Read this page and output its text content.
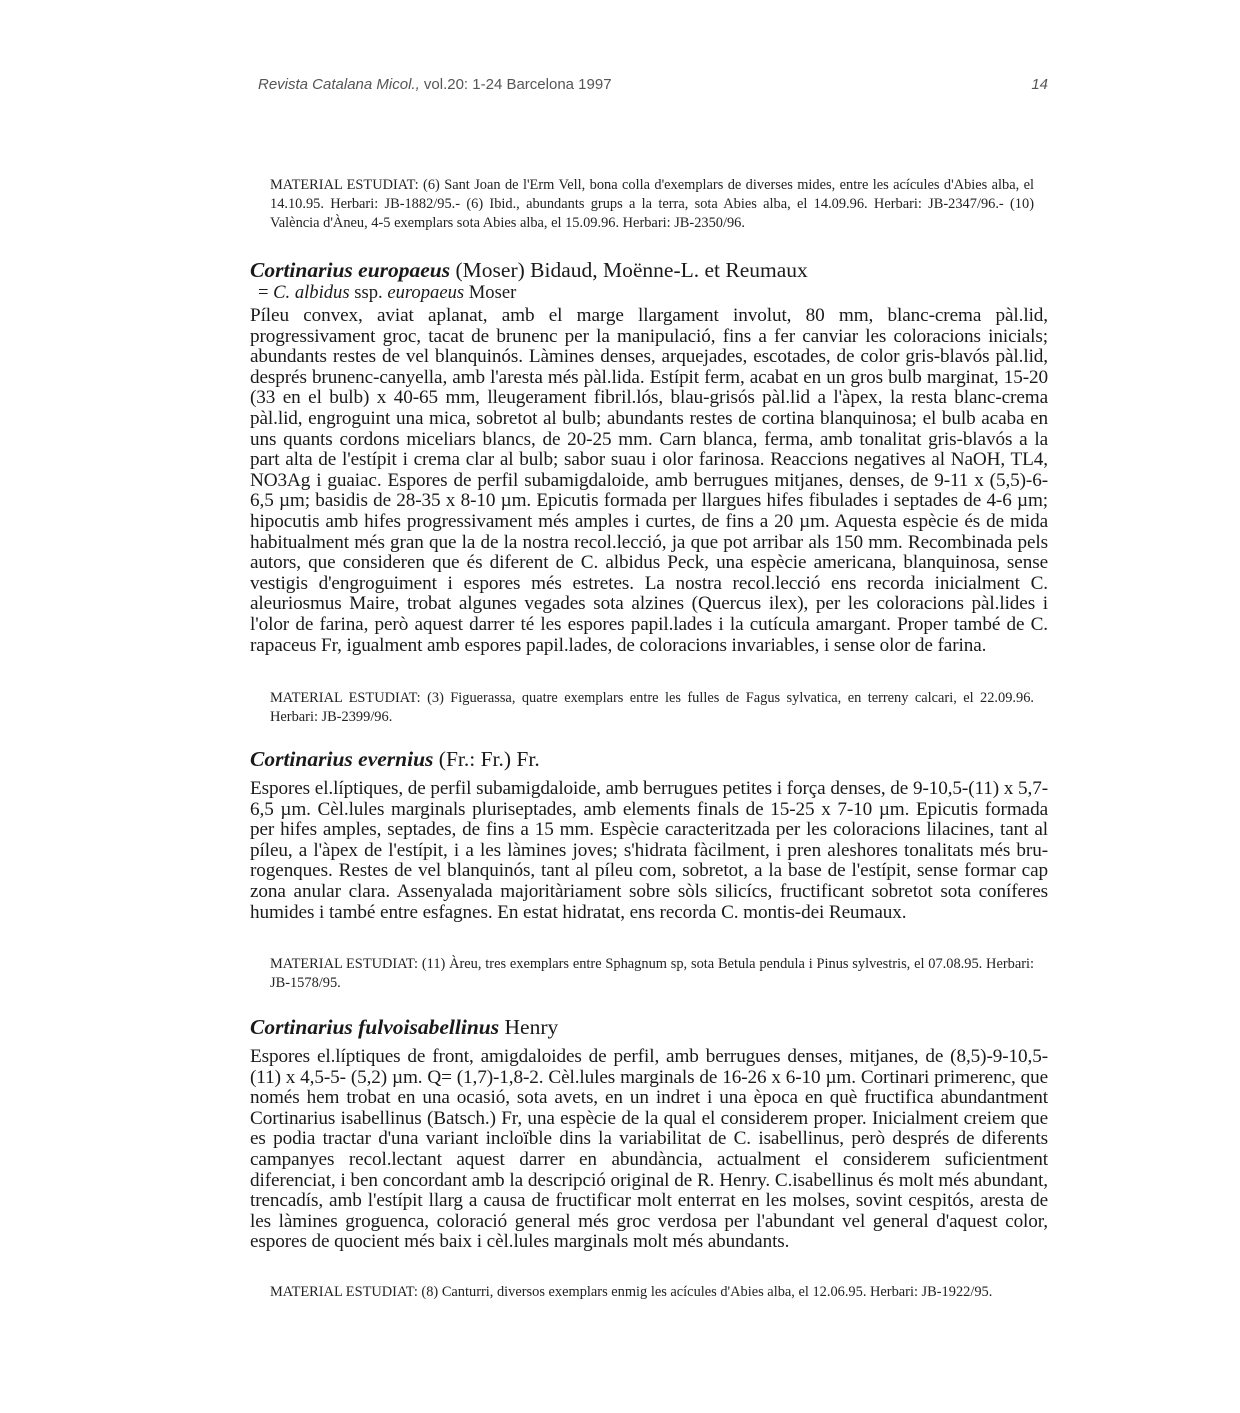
Revista Catalana Micol., vol.20: 1-24 Barcelona 1997	14
MATERIAL ESTUDIAT: (6) Sant Joan de l'Erm Vell, bona colla d'exemplars de diverses mides, entre les acícules d'Abies alba, el 14.10.95. Herbari: JB-1882/95.- (6) Ibid., abundants grups a la terra, sota Abies alba, el 14.09.96. Herbari: JB-2347/96.- (10) València d'Àneu, 4-5 exemplars sota Abies alba, el 15.09.96. Herbari: JB-2350/96.
Cortinarius europaeus (Moser) Bidaud, Moënne-L. et Reumaux
= C. albidus ssp. europaeus Moser
Píleu convex, aviat aplanat, amb el marge llargament involut, 80 mm, blanc-crema pàl.lid, progressivament groc, tacat de brunenc per la manipulació, fins a fer canviar les coloracions inicials; abundants restes de vel blanquinós. Làmines denses, arquejades, escotades, de color gris-blavós pàl.lid, després brunenc-canyella, amb l'aresta més pàl.lida. Estípit ferm, acabat en un gros bulb marginat, 15-20 (33 en el bulb) x 40-65 mm, lleugerament fibril.lós, blau-grisós pàl.lid a l'àpex, la resta blanc-crema pàl.lid, engroguint una mica, sobretot al bulb; abundants restes de cortina blanquinosa; el bulb acaba en uns quants cordons miceliars blancs, de 20-25 mm. Carn blanca, ferma, amb tonalitat gris-blavós a la part alta de l'estípit i crema clar al bulb; sabor suau i olor farinosa. Reaccions negatives al NaOH, TL4, NO3Ag i guaiac. Espores de perfil subamigdaloide, amb berrugues mitjanes, denses, de 9-11 x (5,5)-6-6,5 µm; basidis de 28-35 x 8-10 µm. Epicutis formada per llargues hifes fibulades i septades de 4-6 µm; hipocutis amb hifes progressivament més amples i curtes, de fins a 20 µm. Aquesta espècie és de mida habitualment més gran que la de la nostra recol.lecció, ja que pot arribar als 150 mm. Recombinada pels autors, que consideren que és diferent de C. albidus Peck, una espècie americana, blanquinosa, sense vestigis d'engroguiment i espores més estretes. La nostra recol.lecció ens recorda inicialment C. aleuriosmus Maire, trobat algunes vegades sota alzines (Quercus ilex), per les coloracions pàl.lides i l'olor de farina, però aquest darrer té les espores papil.lades i la cutícula amargant. Proper també de C. rapaceus Fr, igualment amb espores papil.lades, de coloracions invariables, i sense olor de farina.
MATERIAL ESTUDIAT: (3) Figuerassa, quatre exemplars entre les fulles de Fagus sylvatica, en terreny calcari, el 22.09.96. Herbari: JB-2399/96.
Cortinarius evernius (Fr.: Fr.) Fr.
Espores el.líptiques, de perfil subamigdaloide, amb berrugues petites i força denses, de 9-10,5-(11) x 5,7-6,5 µm. Cèl.lules marginals pluriseptades, amb elements finals de 15-25 x 7-10 µm. Epicutis formada per hifes amples, septades, de fins a 15 mm. Espècie caracteritzada per les coloracions lilacines, tant al píleu, a l'àpex de l'estípit, i a les làmines joves; s'hidrata fàcilment, i pren aleshores tonalitats més bru-rogenques. Restes de vel blanquinós, tant al píleu com, sobretot, a la base de l'estípit, sense formar cap zona anular clara. Assenyalada majoritàriament sobre sòls silicícs, fructificant sobretot sota coníferes humides i també entre esfagnes. En estat hidratat, ens recorda C. montis-dei Reumaux.
MATERIAL ESTUDIAT: (11) Àreu, tres exemplars entre Sphagnum sp, sota Betula pendula i Pinus sylvestris, el 07.08.95. Herbari: JB-1578/95.
Cortinarius fulvoisabellinus Henry
Espores el.líptiques de front, amigdaloides de perfil, amb berrugues denses, mitjanes, de (8,5)-9-10,5-(11) x 4,5-5- (5,2) µm. Q= (1,7)-1,8-2. Cèl.lules marginals de 16-26 x 6-10 µm. Cortinari primerenc, que només hem trobat en una ocasió, sota avets, en un indret i una època en què fructifica abundantment Cortinarius isabellinus (Batsch.) Fr, una espècie de la qual el considerem proper. Inicialment creiem que es podia tractar d'una variant incloïble dins la variabilitat de C. isabellinus, però després de diferents campanyes recol.lectant aquest darrer en abundància, actualment el considerem suficientment diferenciat, i ben concordant amb la descripció original de R. Henry. C.isabellinus és molt més abundant, trencadís, amb l'estípit llarg a causa de fructificar molt enterrat en les molses, sovint cespitós, aresta de les làmines groguenca, coloració general més groc verdosa per l'abundant vel general d'aquest color, espores de quocient més baix i cèl.lules marginals molt més abundants.
MATERIAL ESTUDIAT: (8) Canturri, diversos exemplars enmig les acícules d'Abies alba, el 12.06.95. Herbari: JB-1922/95.
